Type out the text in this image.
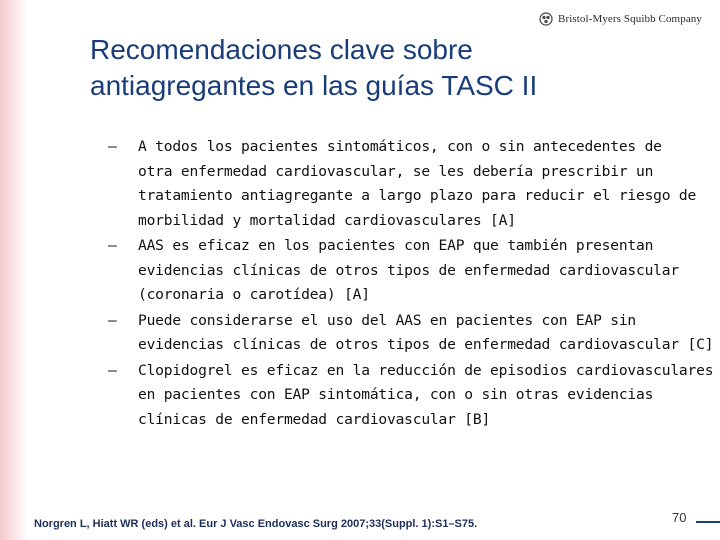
Bristol-Myers Squibb Company
Recomendaciones clave sobre
antiagregantes en las guías TASC II
– A todos los pacientes sintomáticos, con o sin antecedentes de
otra enfermedad cardiovascular, se les debería prescribir un
tratamiento antiagregante a largo plazo para reducir el riesgo de
morbilidad y mortalidad cardiovasculares [A]
– AAS es eficaz en los pacientes con EAP que también presentan
evidencias clínicas de otros tipos de enfermedad cardiovascular
(coronaria o carotídea) [A]
– Puede considerarse el uso del AAS en pacientes con EAP sin
evidencias clínicas de otros tipos de enfermedad cardiovascular [C]
– Clopidogrel es eficaz en la reducción de episodios cardiovasculares
en pacientes con EAP sintomática, con o sin otras evidencias
clínicas de enfermedad cardiovascular [B]
Norgren L, Hiatt WR (eds) et al. Eur J Vasc Endovasc Surg 2007;33(Suppl. 1):S1–S75.	70
